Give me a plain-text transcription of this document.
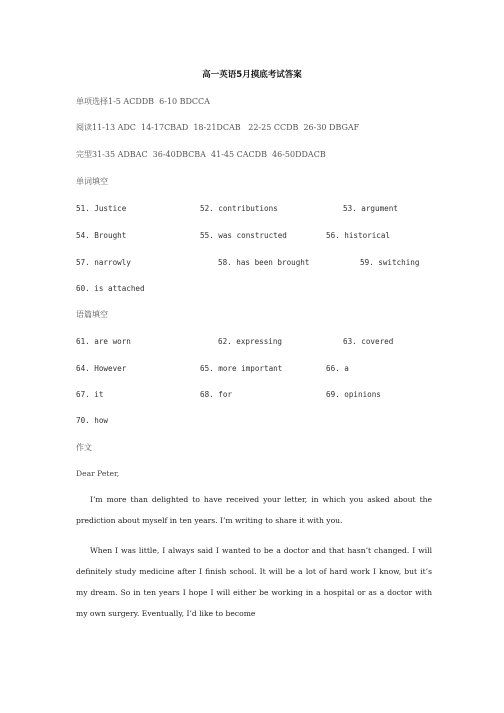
高一英语5月摸底考试答案
单项选择1-5 ACDDB  6-10 BDCCA
阅读11-13 ADC  14-17CBAD  18-21DCAB   22-25 CCDB  26-30 DBGAF
完型31-35 ADBAC  36-40DBCBA  41-45 CACDB  46-50DDACB
单词填空
51. Justice	52. contributions	53. argument
54. Brought	55. was constructed	56. historical
57. narrowly	58. has been brought	59. switching
60. is attached
语篇填空
61. are worn	62. expressing	63. covered
64. However	65. more important	66. a
67. it	68. for	69. opinions
70. how
作文
Dear Peter,
I’m more than delighted to have received your letter, in which you asked about the prediction about myself in ten years. I’m writing to share it with you.
When I was little, I always said I wanted to be a doctor and that hasn’t changed. I will definitely study medicine after I finish school. It will be a lot of hard work I know, but it’s my dream. So in ten years I hope I will either be working in a hospital or as a doctor with my own surgery. Eventually, I’d like to become
